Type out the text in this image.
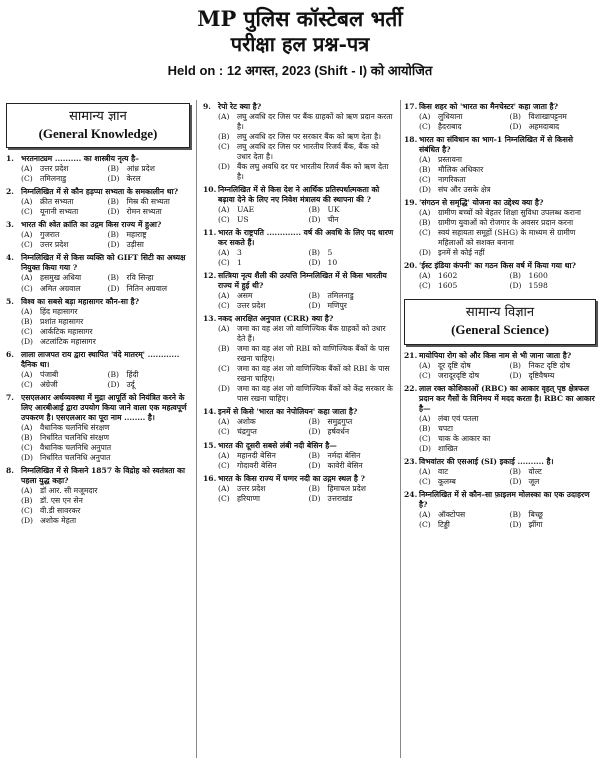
MP पुलिस कॉस्टेबल भर्ती
परीक्षा हल प्रश्न-पत्र
Held on : 12 अगस्त, 2023 (Shift - I) को आयोजित
सामान्य ज्ञान
(General Knowledge)
1. भरतनाट्यम .......... का शास्त्रीय नृत्य है–
(A) उत्तर प्रदेश	(B) आंध्र प्रदेश
(C) तमिलनाडु	(D) केरल
2. निम्नलिखित में से कौन हड़प्पा सभ्यता के समकालीन था?
(A) क्रीत सभ्यता	(B) मिस्र की सभ्यता
(C) यूनानी सभ्यता	(D) रोमन सभ्यता
3. भारत की श्वेत क्रांति का उद्गम किस राज्य में हुआ?
(A) गुजरात	(B) महाराष्ट्र
(C) उत्तर प्रदेश	(D) उड़ीसा
4. निम्नलिखित में से किस व्यक्ति को GIFT सिटी का अध्यक्ष नियुक्त किया गया ?
(A) हसमुख अधिया	(B) रवि सिन्हा
(C) अमित अग्रवाल	(D) नितिन अग्रवाल
5. विश्व का सबसे बड़ा महासागर कौन-सा है?
(A) हिंद महासागर
(B) प्रशांत महासागर
(C) आर्कटिक महासागर
(D) अटलांटिक महासागर
6. लाला लाजपत राय द्वारा स्थापित 'वंदे मातरम्' ............ दैनिक था।
(A) पंजाबी	(B) हिंदी
(C) अंग्रेजी	(D) उर्दू
7. एसएलआर अर्थव्यवस्था में मुद्रा आपूर्ति को नियंत्रित करने के लिए आरबीआई द्वारा उपयोग किया जाने वाला एक महत्वपूर्ण उपकरण है। एसएलआर का पूरा नाम ........ है।
(A) वैधानिक चलनिधि संरक्षण
(B) निर्धारित चलनिधि संरक्षण
(C) वैधानिक चलनिधि अनुपात
(D) निर्धारित चलनिधि अनुपात
8. निम्नलिखित में से किसने 1857 के विद्रोह को स्वतंत्रता का पहला युद्ध कहा?
(A) डॉ आर. सी मजूमदार
(B) डॉ. एस एन सेन
(C) वी.डी सावरकर
(D) अशोक मेहता
9. रेपो रेट क्या है?
(A) लघु अवधि दर जिस पर बैंक ग्राहकों को ऋण प्रदान करता है।
(B) लघु अवधि दर जिस पर सरकार बैंक को ऋण देता है।
(C) लघु अवधि दर जिस पर भारतीय रिजर्व बैंक, बैंक को उधार देता है।
(D) बैंक लघु अवधि दर पर भारतीय रिजर्व बैंक को ऋण देता है।
10. निम्नलिखित में से किस देश ने आर्थिक प्रतिस्पर्धात्मकता को बढ़ावा देने के लिए नए निवेश मंत्रालय की स्थापना की ?
(A) UAE	(B) UK
(C) US	(D) चीन
11. भारत के राष्ट्रपति ............. वर्ष की अवधि के लिए पद धारण कर सकते हैं।
(A) 3	(B) 5
(C) 1	(D) 10
12. सत्त्रिया नृत्य शैली की उत्पत्ति निम्नलिखित में से किस भारतीय राज्य में हुई थी?
(A) असम	(B) तमिलनाडु
(C) उत्तर प्रदेश	(D) मणिपुर
13. नकद आरक्षित अनुपात (CRR) क्या है?
(A) जमा का वह अंश जो वाणिज्यिक बैंक ग्राहकों को उधार देते हैं।
(B) जमा का वह अंश जो RBI को वाणिज्यिक बैंकों के पास रखना चाहिए।
(C) जमा का वह अंश जो वाणिज्यिक बैंकों को RBI के पास रखना चाहिए।
(D) जमा का वह अंश जो वाणिज्यिक बैंकों को केंद्र सरकार के पास रखना चाहिए।
14. इनमें से किसे 'भारत का नेपोलियन' कहा जाता है?
(A) अशोक	(B) समुद्रगुप्त
(C) चंद्रगुप्त	(D) हर्षवर्धन
15. भारत की दूसरी सबसे लंबी नदी बेसिन है—
(A) महानदी बेसिन	(B) नर्मदा बेसिन
(C) गोदावरी बेसिन	(D) कावेरी बेसिन
16. भारत के किस राज्य में घग्गर नदी का उद्गम स्थल है ?
(A) उत्तर प्रदेश	(B) हिमाचल प्रदेश
(C) हरियाणा	(D) उत्तराखंड
17. किस शहर को 'भारत का मैनचेस्टर' कहा जाता है?
(A) लुधियाना	(B) विशाखापट्टनम
(C) हैदराबाद	(D) अहमदाबाद
18. भारत का संविधान का भाग-1 निम्नलिखित में से किससे संबंधित है?
(A) प्रस्तावना
(B) मौलिक अधिकार
(C) नागरिकता
(D) संघ और उसके क्षेत्र
19. 'संगठन से समृद्धि' योजना का उद्देश्य क्या है?
(A) ग्रामीण बच्चों को बेहतर शिक्षा सुविधा उपलब्ध कराना
(B) ग्रामीण युवाओं को रोजगार के अवसर प्रदान करना
(C) स्वयं सहायता समूहों (SHG) के माध्यम से ग्रामीण महिलाओं को सशक्त बनाना
(D) इनमें से कोई नहीं
20. 'ईस्ट इंडिया कंपनी' का गठन किस वर्ष में किया गया था?
(A) 1602	(B) 1600
(C) 1605	(D) 1598
सामान्य विज्ञान
(General Science)
21. मायोपिया रोग को और किस नाम से भी जाना जाता है?
(A) दूर दृष्टि दोष	(B) निकट दृष्टि दोष
(C) जरादूरदृष्टि दोष	(D) दृष्टिवैषम्य
22. लाल रक्त कोशिकाओं (RBC) का आकार वृहत् पृष्ठ क्षेत्रफल प्रदान कर गैसों के विनिमय में मदद करता है। RBC का आकार है—
(A) लंबा एवं पतला
(B) चपटा
(C) चाक के आकार का
(D) शाखित
23. विभवांतर की एसआई (SI) इकाई .......... है।
(A) वाट	(B) वोल्ट
(C) कूलम्ब	(D) जूल
24. निम्नलिखित में से कौन–सा फ़ाइलम मोलस्का का एक उदाहरण है?
(A) ऑक्टोपस	(B) बिच्छू
(C) टिड्डी	(D) झींगा
